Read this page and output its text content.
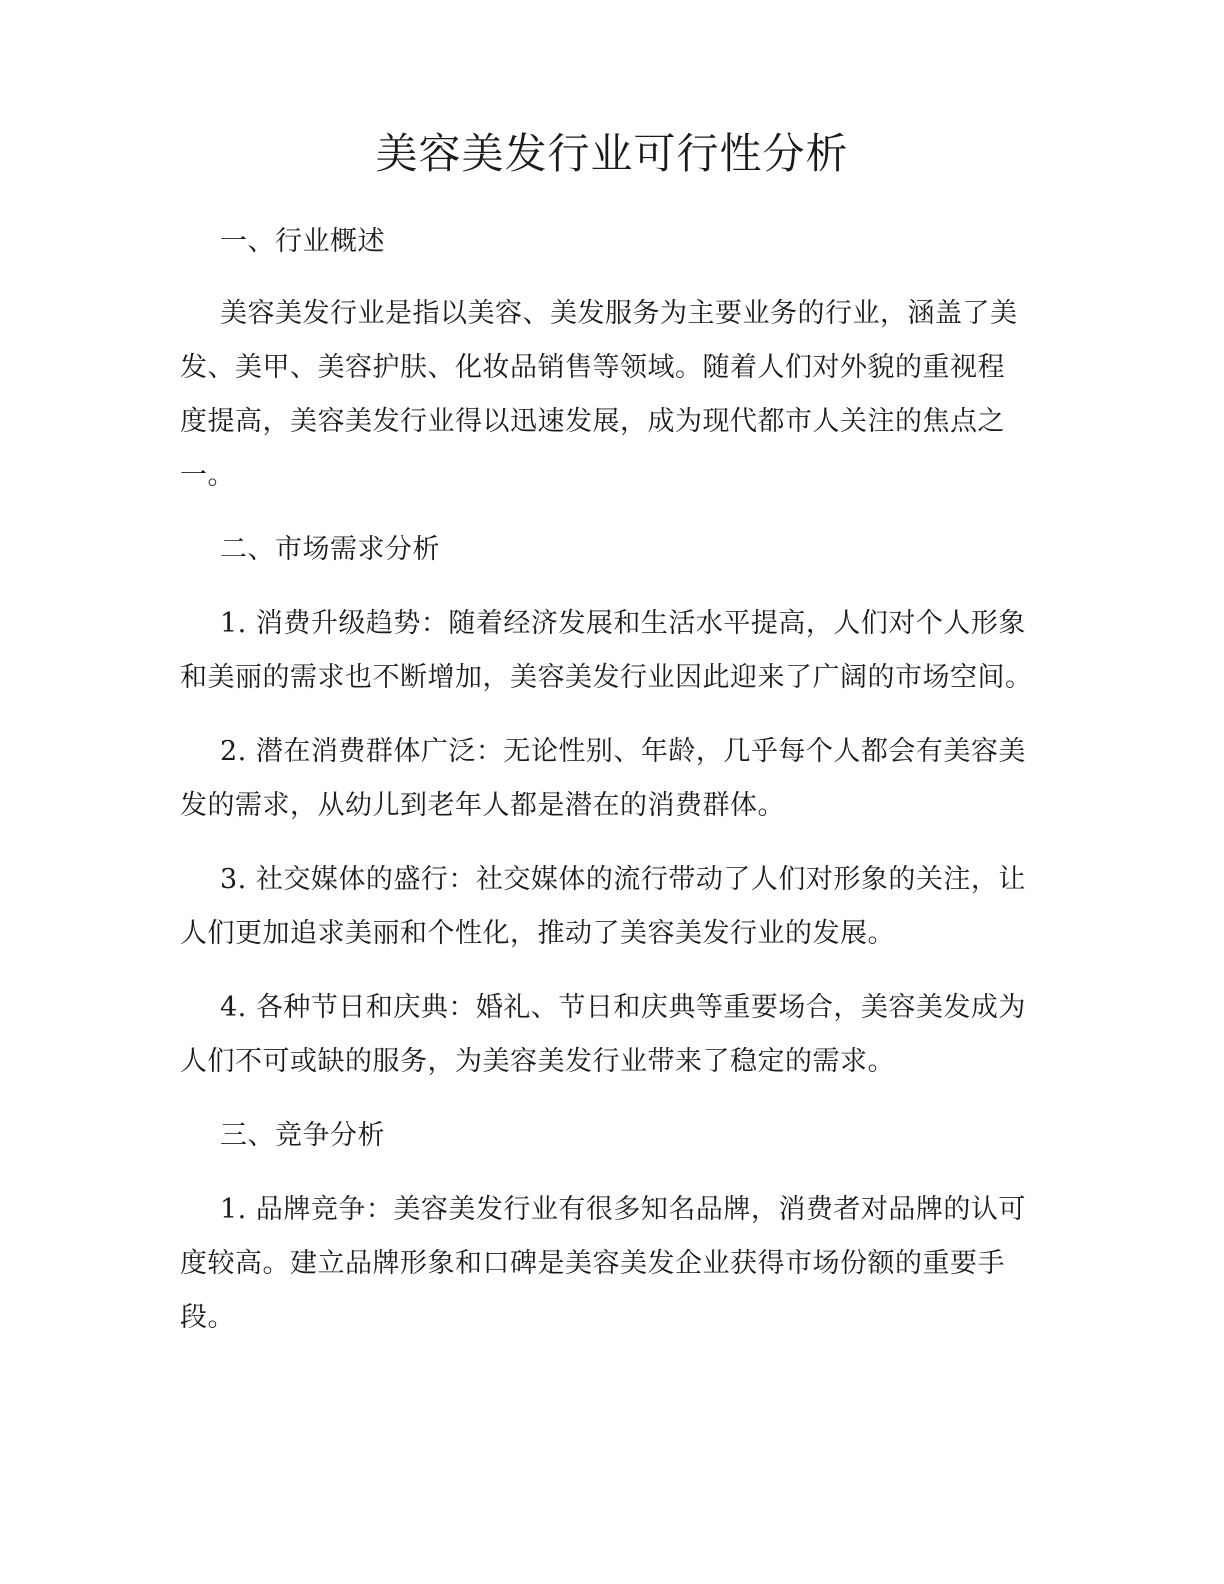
美容美发行业可行性分析

一、行业概述

美容美发行业是指以美容、美发服务为主要业务的行业，涵盖了美

发、美甲、美容护肤、化妆品销售等领域。随着人们对外貌的重视程

度提高，美容美发行业得以迅速发展，成为现代都市人关注的焦点之

一。

二、市场需求分析

1. 消费升级趋势：随着经济发展和生活水平提高，人们对个人形象

和美丽的需求也不断增加，美容美发行业因此迎来了广阔的市场空间。

2. 潜在消费群体广泛：无论性别、年龄，几乎每个人都会有美容美

发的需求，从幼儿到老年人都是潜在的消费群体。

3. 社交媒体的盛行：社交媒体的流行带动了人们对形象的关注，让

人们更加追求美丽和个性化，推动了美容美发行业的发展。

4. 各种节日和庆典：婚礼、节日和庆典等重要场合，美容美发成为

人们不可或缺的服务，为美容美发行业带来了稳定的需求。

三、竞争分析

1. 品牌竞争：美容美发行业有很多知名品牌，消费者对品牌的认可

度较高。建立品牌形象和口碑是美容美发企业获得市场份额的重要手

段。
